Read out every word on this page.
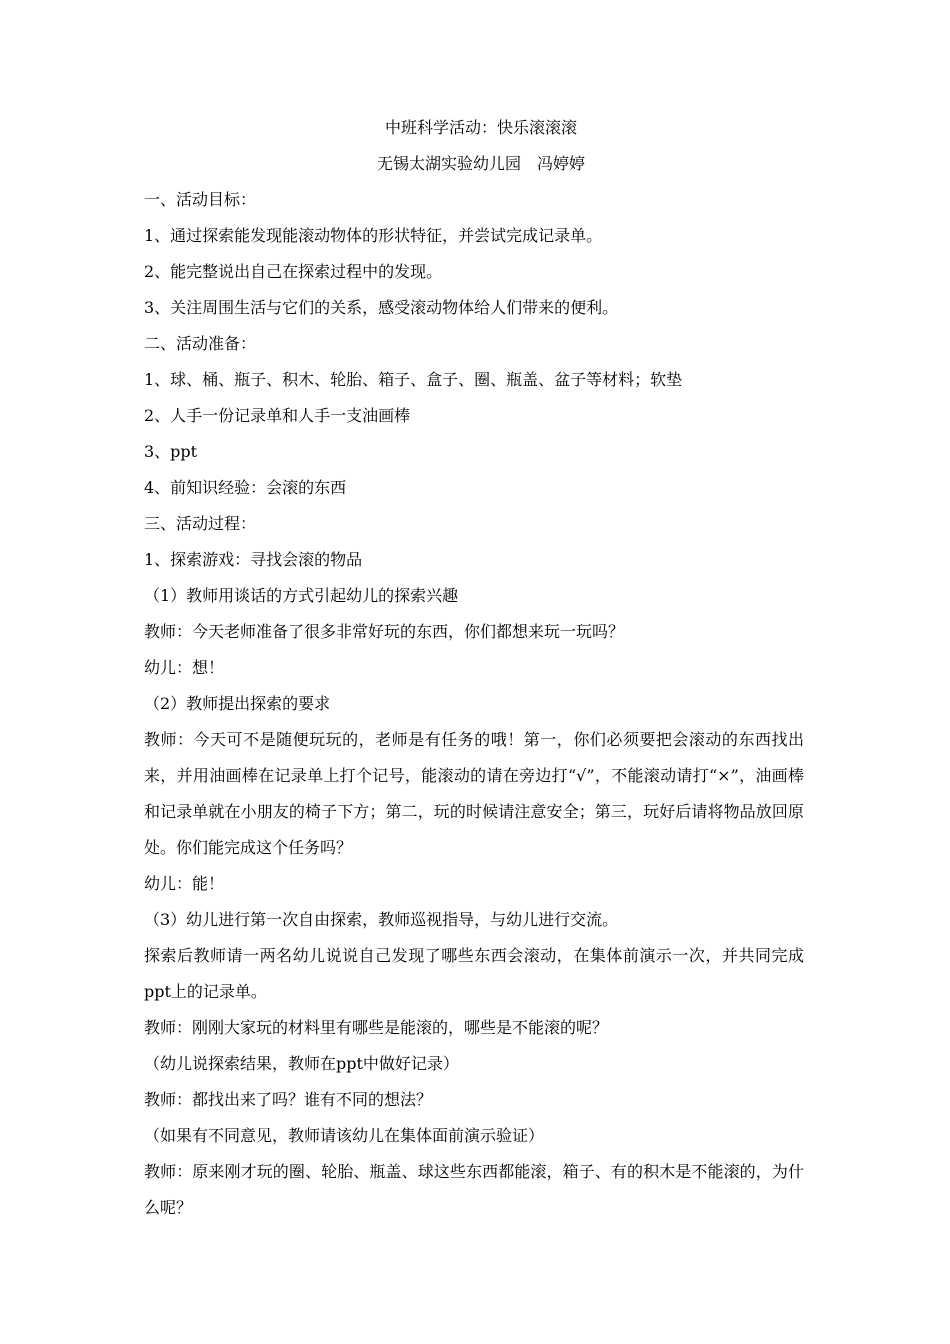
中班科学活动：快乐滚滚滚

无锡太湖实验幼儿园　冯婷婷

一、活动目标：

1、通过探索能发现能滚动物体的形状特征，并尝试完成记录单。

2、能完整说出自己在探索过程中的发现。

3、关注周围生活与它们的关系，感受滚动物体给人们带来的便利。

二、活动准备：

1、球、桶、瓶子、积木、轮胎、箱子、盒子、圈、瓶盖、盆子等材料；软垫

2、人手一份记录单和人手一支油画棒

3、ppt

4、前知识经验：会滚的东西

三、活动过程：

1、探索游戏：寻找会滚的物品

（1）教师用谈话的方式引起幼儿的探索兴趣

教师：今天老师准备了很多非常好玩的东西，你们都想来玩一玩吗？

幼儿：想！

（2）教师提出探索的要求

教师：今天可不是随便玩玩的，老师是有任务的哦！第一，你们必须要把会滚动的东西找出来，并用油画棒在记录单上打个记号，能滚动的请在旁边打“√”，不能滚动请打“×”，油画棒和记录单就在小朋友的椅子下方；第二，玩的时候请注意安全；第三，玩好后请将物品放回原处。你们能完成这个任务吗？

幼儿：能！

（3）幼儿进行第一次自由探索，教师巡视指导，与幼儿进行交流。

探索后教师请一两名幼儿说说自己发现了哪些东西会滚动，在集体前演示一次，并共同完成ppt上的记录单。

教师：刚刚大家玩的材料里有哪些是能滚的，哪些是不能滚的呢？

（幼儿说探索结果，教师在ppt中做好记录）

教师：都找出来了吗？谁有不同的想法？

（如果有不同意见，教师请该幼儿在集体面前演示验证）

教师：原来刚才玩的圈、轮胎、瓶盖、球这些东西都能滚，箱子、有的积木是不能滚的，为什么呢？
